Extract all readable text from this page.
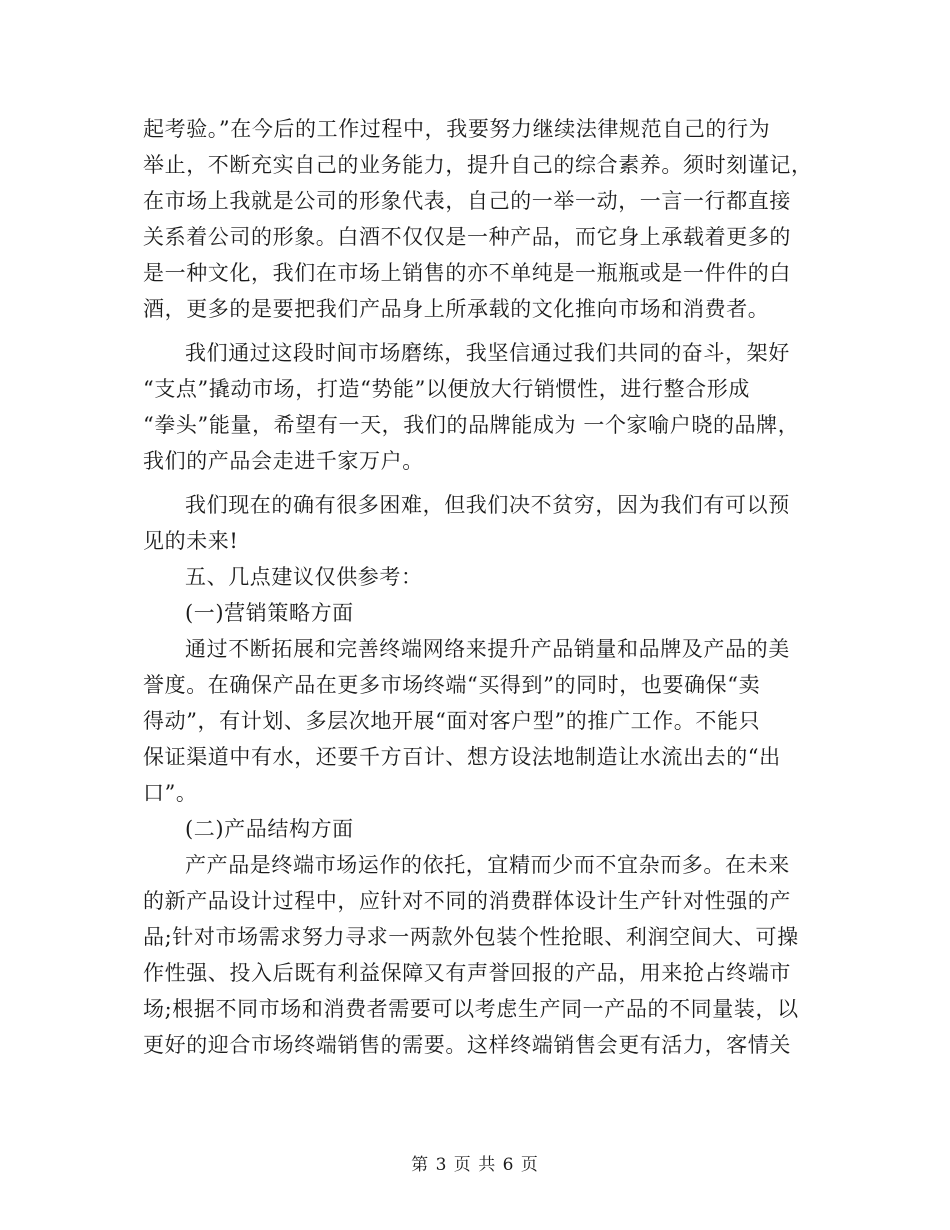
起考验。”在今后的工作过程中，我要努力继续法律规范自己的行为
举止，不断充实自己的业务能力，提升自己的综合素养。须时刻谨记，
在市场上我就是公司的形象代表，自己的一举一动，一言一行都直接
关系着公司的形象。白酒不仅仅是一种产品，而它身上承载着更多的
是一种文化，我们在市场上销售的亦不单纯是一瓶瓶或是一件件的白
酒，更多的是要把我们产品身上所承载的文化推向市场和消费者。
我们通过这段时间市场磨练，我坚信通过我们共同的奋斗，架好
“支点”撬动市场，打造“势能”以便放大行销惯性，进行整合形成
“拳头”能量，希望有一天，我们的品牌能成为 一个家喻户晓的品牌，
我们的产品会走进千家万户。
我们现在的确有很多困难，但我们决不贫穷，因为我们有可以预
见的未来!
五、几点建议仅供参考：
(一)营销策略方面
通过不断拓展和完善终端网络来提升产品销量和品牌及产品的美
誉度。在确保产品在更多市场终端“买得到”的同时，也要确保“卖
得动”，有计划、多层次地开展“面对客户型”的推广工作。不能只
保证渠道中有水，还要千方百计、想方设法地制造让水流出去的“出
口”。
(二)产品结构方面
产产品是终端市场运作的依托，宜精而少而不宜杂而多。在未来
的新产品设计过程中，应针对不同的消费群体设计生产针对性强的产
品;针对市场需求努力寻求一两款外包装个性抢眼、利润空间大、可操
作性强、投入后既有利益保障又有声誉回报的产品，用来抢占终端市
场;根据不同市场和消费者需要可以考虑生产同一产品的不同量装，以
更好的迎合市场终端销售的需要。这样终端销售会更有活力，客情关
第 3 页 共 6 页
